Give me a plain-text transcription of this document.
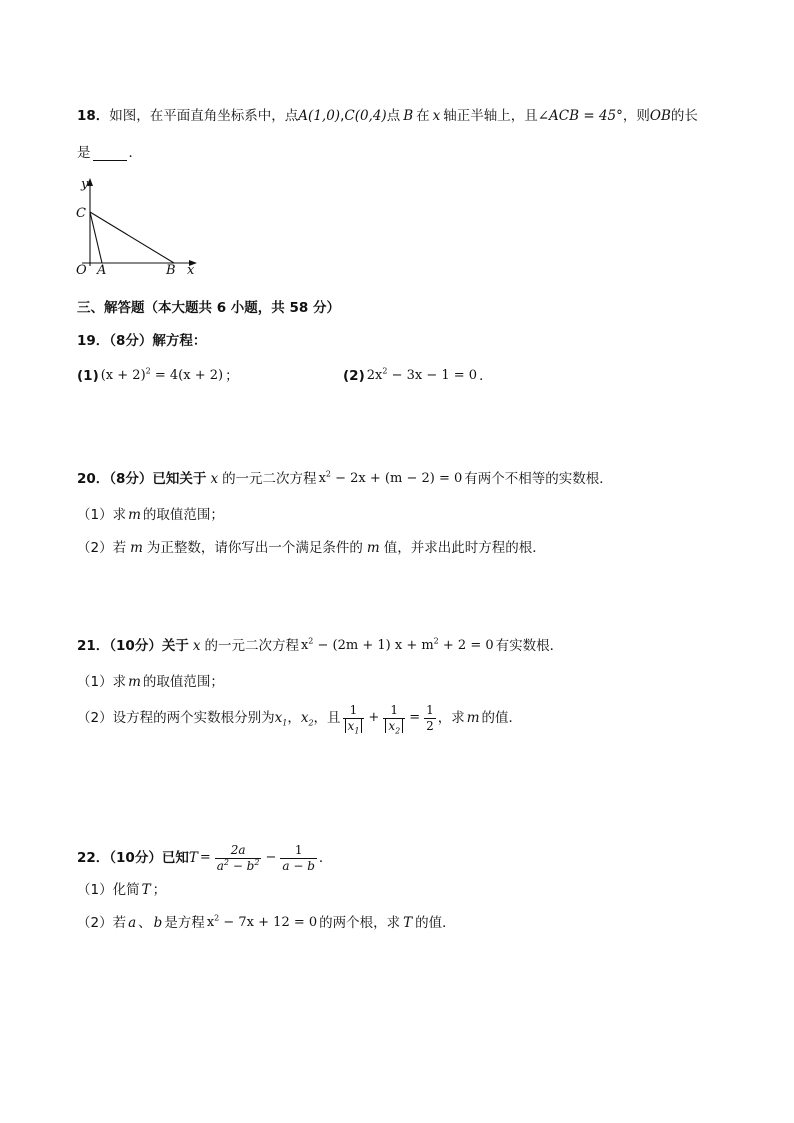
18． 如图，在平面直角坐标系中，点 A(1,0) , C(0,4) 点 B 在 x 轴正半轴上，且 ∠ACB = 45° ，则 OB 的长
是	．
y
C
O A	B x
三、解答题（本大题共 6 小题，共 58 分）
19．（8分）解方程：
(1) $(x + 2)^2 = 4(x + 2)$ ；	(2) $2x^2 - 3x - 1 = 0$ ．
20．（8分）已知关于 x 的一元二次方程 $x^2 - 2x + (m - 2) = 0$ 有两个不相等的实数根．
（1）求 m 的取值范围；
（2）若 m 为正整数，请你写出一个满足条件的 m 值，并求出此时方程的根．
21．（10分）关于 x 的一元二次方程 $x^2 - (2m + 1) x + m^2 + 2 = 0$ 有实数根．
（1）求 m 的取值范围；
（2）设方程的两个实数根分别为 $x_1$ ， $x_2$ ，且 $\frac{1}{x_1} + \frac{1}{x_2} = \frac{1}{2}$ ，求 m 的值．
22．（10分）已知 $T = \frac{2a}{a^2 - b^2} - \frac{1}{a - b}$ ．
（1）化简 T ；
（2）若 a 、 b 是方程 $x^2 - 7x + 12 = 0$ 的两个根，求 T 的值．
